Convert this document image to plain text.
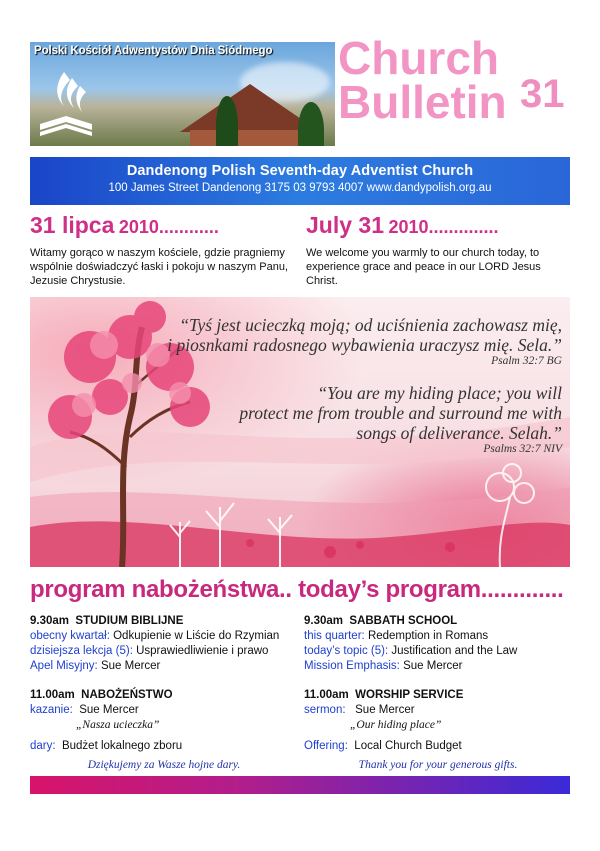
Polski Kościół Adwentystów Dnia Siódmego Church
Bulletin 31
Dandenong Polish Seventh-day Adventist Church
100 James Street Dandenong 3175 03 9793 4007 www.dandypolish.org.au
31 lipca 2010............	July 31 2010..............
Witamy gorąco w naszym kościele, gdzie pragniemy wspólnie doświadczyć łaski i pokoju w naszym Panu, Jezusie Chrystusie.
We welcome you warmly to our church today, to experience grace and peace in our LORD Jesus Christ.
“Tyś jest ucieczką moją; od uciśnienia zachowasz mię,
i piosnkami radosnego wybawienia uraczysz mię. Sela.”
Psalm 32:7 BG
“You are my hiding place; you will
protect me from trouble and surround me with
songs of deliverance. Selah.”
Psalms 32:7 NIV
program nabożeństwa.. today’s program.............
9.30am STUDIUM BIBLIJNE
obecny kwartał: Odkupienie w Liście do Rzymian
dzisiejsza lekcja (5): Usprawiedliwienie i prawo
Apel Misyjny: Sue Mercer
11.00am NABOŻEŃSTWO
kazanie: Sue Mercer
„Nasza ucieczka”
dary: Budżet lokalnego zboru
Dziękujemy za Wasze hojne dary.
9.30am SABBATH SCHOOL
this quarter: Redemption in Romans
today’s topic (5): Justification and the Law
Mission Emphasis: Sue Mercer
11.00am WORSHIP SERVICE
sermon: Sue Mercer
„Our hiding place”
Offering: Local Church Budget
Thank you for your generous gifts.
